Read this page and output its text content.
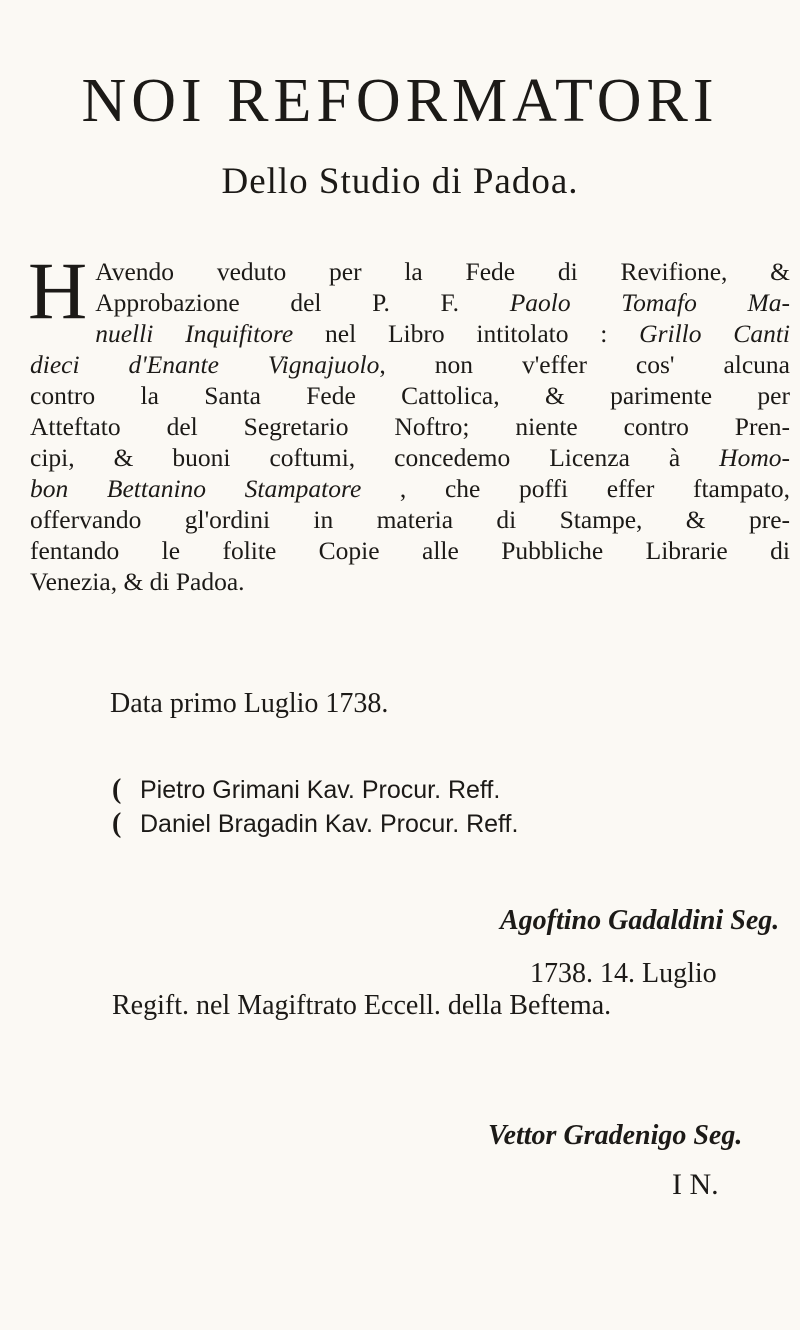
NOI REFORMATORI
Dello Studio di Padoa.
H Avendo veduto per la Fede di Revifione, &
Approbazione del P. F. Paolo Tomafo Ma-
nuelli Inquifitore nel Libro intitolato : Grillo Canti
dieci d'Enante Vignajuolo, non v'effer cos' alcuna
contro la Santa Fede Cattolica, & parimente per
Atteftato del Segretario Noftro; niente contro Pren-
cipi, & buoni coftumi, concedemo Licenza à Homo-
bon Bettanino Stampatore , che poffi effer ftampato,
offervando gl'ordini in materia di Stampe, & pre-
fentando le folite Copie alle Pubbliche Librarie di
Venezia, & di Padoa.
Data primo Luglio 1738.
( Pietro Grimani Kav. Procur. Reff.
( Daniel Bragadin Kav. Procur. Reff.
Agoftino Gadaldini Seg.
1738. 14. Luglio
Regift. nel Magiftrato Eccell. della Beftema.
Vettor Gradenigo Seg.
I N.
